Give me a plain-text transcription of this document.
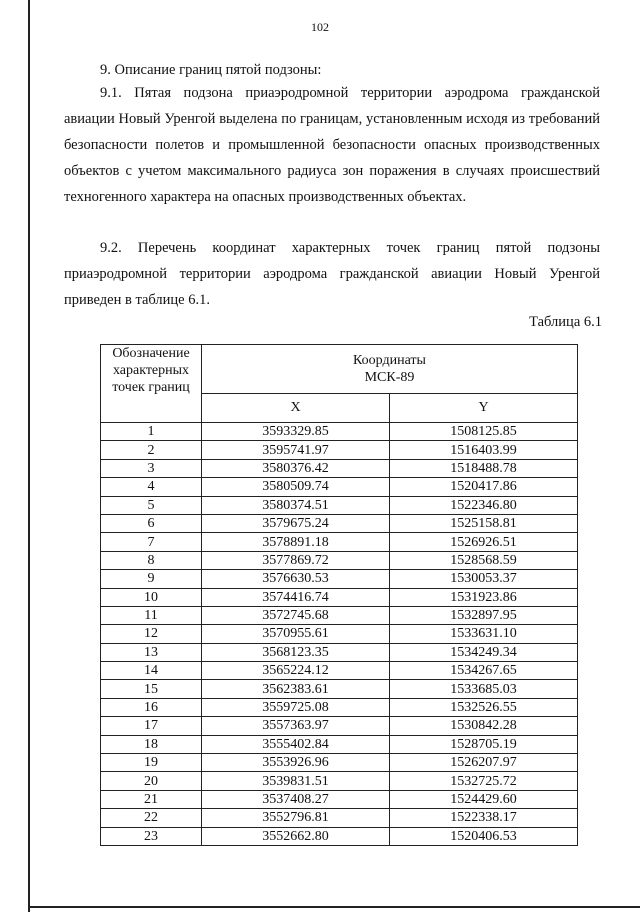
102
9. Описание границ пятой подзоны:

9.1. Пятая подзона приаэродромной территории аэродрома гражданской авиации Новый Уренгой выделена по границам, установленным исходя из требований безопасности полетов и промышленной безопасности опасных производственных объектов с учетом максимального радиуса зон поражения в случаях происшествий техногенного характера на опасных производственных объектах.

9.2. Перечень координат характерных точек границ пятой подзоны приаэродромной территории аэродрома гражданской авиации Новый Уренгой приведен в таблице 6.1.

Таблица 6.1
Обозначение характерных точек границ	Координаты
МСК-89	

	X	Y
1	3593329.85	1508125.85
2	3595741.97	1516403.99
3	3580376.42	1518488.78
4	3580509.74	1520417.86
5	3580374.51	1522346.80
6	3579675.24	1525158.81
7	3578891.18	1526926.51
8	3577869.72	1528568.59
9	3576630.53	1530053.37
10	3574416.74	1531923.86
11	3572745.68	1532897.95
12	3570955.61	1533631.10
13	3568123.35	1534249.34
14	3565224.12	1534267.65
15	3562383.61	1533685.03
16	3559725.08	1532526.55
17	3557363.97	1530842.28
18	3555402.84	1528705.19
19	3553926.96	1526207.97
20	3539831.51	1532725.72
21	3537408.27	1524429.60
22	3552796.81	1522338.17
23	3552662.80	1520406.53
